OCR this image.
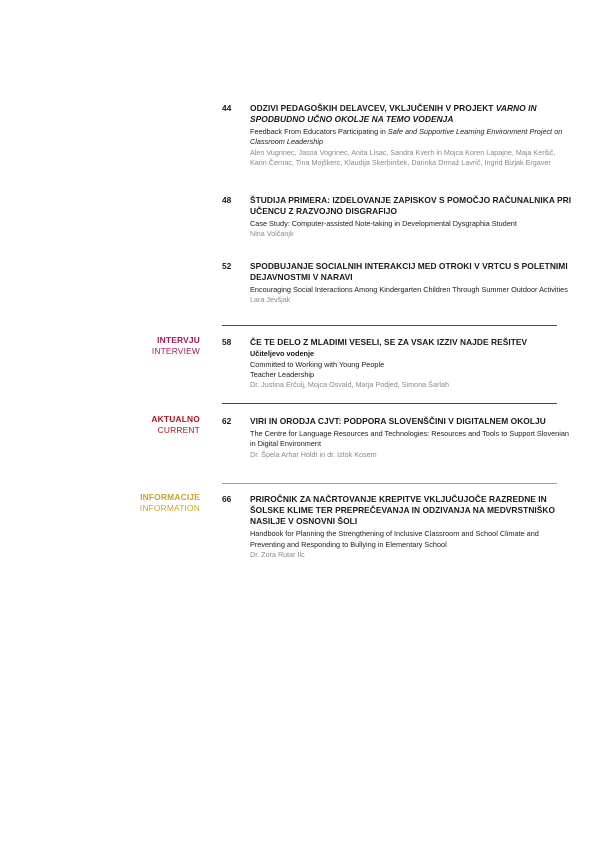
44 ODZIVI PEDAGOŠKIH DELAVCEV, VKLJUČENIH V PROJEKT VARNO IN SPODBUDNO UČNO OKOLJE NA TEMO VODENJA
Feedback From Educators Participating in Safe and Supportive Learning Environment Project on Classroom Leadership
Alen Vugrinec, Jasna Vogrinec, Anita Lisac, Sandra Kverh in Mojca Koren Lapajne, Maja Keršič, Karin Černac, Tina Mojškerc, Klaudija Skerbinšek, Darinka Drmaž Lavrič, Ingrid Bizjak Ergaver
48 ŠTUDIJA PRIMERA: IZDELOVANJE ZAPISKOV S POMOČJO RAČUNALNIKA PRI UČENCU Z RAZVOJNO DISGRAFIJO
Case Study: Computer-assisted Note-taking in Developmental Dysgraphia Student
Nina Volčanjk
52 SPODBUJANJE SOCIALNIH INTERAKCIJ MED OTROKI V VRTCU S POLETNIMI DEJAVNOSTMI V NARAVI
Encouraging Social Interactions Among Kindergarten Children Through Summer Outdoor Activities
Lara Jevšjak
INTERVJU
INTERVIEW
58 ČE TE DELO Z MLADIMI VESELI, SE ZA VSAK IZZIV NAJDE REŠITEV
Učiteljevo vodenje
Committed to Working with Young People
Teacher Leadership
Dr. Justina Erčulj, Mojca Osvald, Marja Podjed, Simona Šarlah
AKTUALNO
CURRENT
62 VIRI IN ORODJA CJVT: PODPORA SLOVENŠČINI V DIGITALNEM OKOLJU
The Centre for Language Resources and Technologies: Resources and Tools to Support Slovenian in Digital Environment
Dr. Špela Arhar Holdt in dr. Iztok Kosem
INFORMACIJE
INFORMATION
66 PRIROČNIK ZA NAČRTOVANJE KREPITVE VKLJUČUJOČE RAZREDNE IN ŠOLSKE KLIME TER PREPREČEVANJA IN ODZIVANJA NA MEDVRSTNIŠKO NASILJE V OSNOVNI ŠOLI
Handbook for Planning the Strengthening of Inclusive Classroom and School Climate and Preventing and Responding to Bullying in Elementary School
Dr. Zora Rutar Ilc
